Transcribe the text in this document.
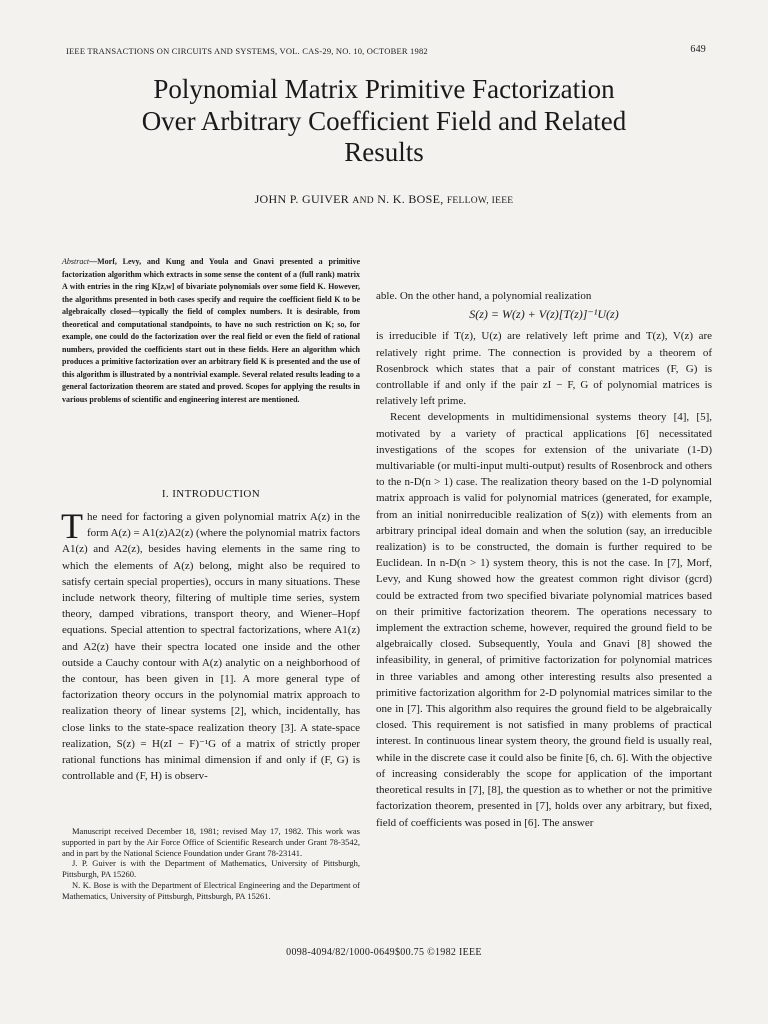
IEEE TRANSACTIONS ON CIRCUITS AND SYSTEMS, VOL. CAS-29, NO. 10, OCTOBER 1982	649
Polynomial Matrix Primitive Factorization
Over Arbitrary Coefficient Field and Related
Results
JOHN P. GUIVER AND N. K. BOSE, FELLOW, IEEE
Abstract—Morf, Levy, and Kung and Youla and Gnavi presented a primitive factorization algorithm which extracts in some sense the content of a (full rank) matrix A with entries in the ring K[z,w] of bivariate polynomials over some field K. However, the algorithms presented in both cases specify and require the coefficient field K to be algebraically closed—typically the field of complex numbers. It is desirable, from theoretical and computational standpoints, to have no such restriction on K; so, for example, one could do the factorization over the real field or even the field of rational numbers, provided the coefficients start out in these fields. Here an algorithm which produces a primitive factorization over an arbitrary field K is presented and the use of this algorithm is illustrated by a nontrivial example. Several related results leading to a general factorization theorem are stated and proved. Scopes for applying the results in various problems of scientific and engineering interest are mentioned.
I. INTRODUCTION
The need for factoring a given polynomial matrix A(z) in the form A(z) = A1(z)A2(z) (where the polynomial matrix factors A1(z) and A2(z), besides having elements in the same ring to which the elements of A(z) belong, might also be required to satisfy certain special properties), occurs in many situations. These include network theory, filtering of multiple time series, system theory, damped vibrations, transport theory, and Wiener–Hopf equations. Special attention to spectral factorizations, where A1(z) and A2(z) have their spectra located one inside and the other outside a Cauchy contour with A(z) analytic on a neighborhood of the contour, has been given in [1]. A more general type of factorization theory occurs in the polynomial matrix approach to realization theory of linear systems [2], which, incidentally, has close links to the state-space realization theory [3]. A state-space realization, S(z) = H(zI − F)⁻¹G of a matrix of strictly proper rational functions has minimal dimension if and only if (F, G) is controllable and (F, H) is observ-

Manuscript received December 18, 1981; revised May 17, 1982. This work was supported in part by the Air Force Office of Scientific Research under Grant 78-3542, and in part by the National Science Foundation under Grant 78-23141.

J. P. Guiver is with the Department of Mathematics, University of Pittsburgh, Pittsburgh, PA 15260.

N. K. Bose is with the Department of Electrical Engineering and the Department of Mathematics, University of Pittsburgh, Pittsburgh, PA 15261.

able. On the other hand, a polynomial realization

S(z) = W(z) + V(z)[T(z)]⁻¹U(z)

is irreducible if T(z), U(z) are relatively left prime and T(z), V(z) are relatively right prime. The connection is provided by a theorem of Rosenbrock which states that a pair of constant matrices (F, G) is controllable if and only if the pair zI − F, G of polynomial matrices is relatively left prime.

Recent developments in multidimensional systems theory [4], [5], motivated by a variety of practical applications [6] necessitated investigations of the scopes for extension of the univariate (1-D) multivariable (or multi-input multi-output) results of Rosenbrock and others to the n-D(n > 1) case. The realization theory based on the 1-D polynomial matrix approach is valid for polynomial matrices (generated, for example, from an initial nonirreducible realization of S(z)) with elements from an arbitrary principal ideal domain and when the solution (say, an irreducible realization) is to be constructed, the domain is further required to be Euclidean. In n-D(n > 1) system theory, this is not the case. In [7], Morf, Levy, and Kung showed how the greatest common right divisor (gcrd) could be extracted from two specified bivariate polynomial matrices based on their primitive factorization theorem. The operations necessary to implement the extraction scheme, however, required the ground field to be algebraically closed. Subsequently, Youla and Gnavi [8] showed the infeasibility, in general, of primitive factorization for polynomial matrices in three variables and among other interesting results also presented a primitive factorization algorithm for 2-D polynomial matrices similar to the one in [7]. This algorithm also requires the ground field to be algebraically closed. This requirement is not satisfied in many problems of practical interest. In continuous linear system theory, the ground field is usually real, while in the discrete case it could also be finite [6, ch. 6]. With the objective of increasing considerably the scope for application of the important theoretical results in [7], [8], the question as to whether or not the primitive factorization theorem, presented in [7], holds over any arbitrary, but fixed, field of coefficients was posed in [6]. The answer

0098-4094/82/1000-0649$00.75 ©1982 IEEE
